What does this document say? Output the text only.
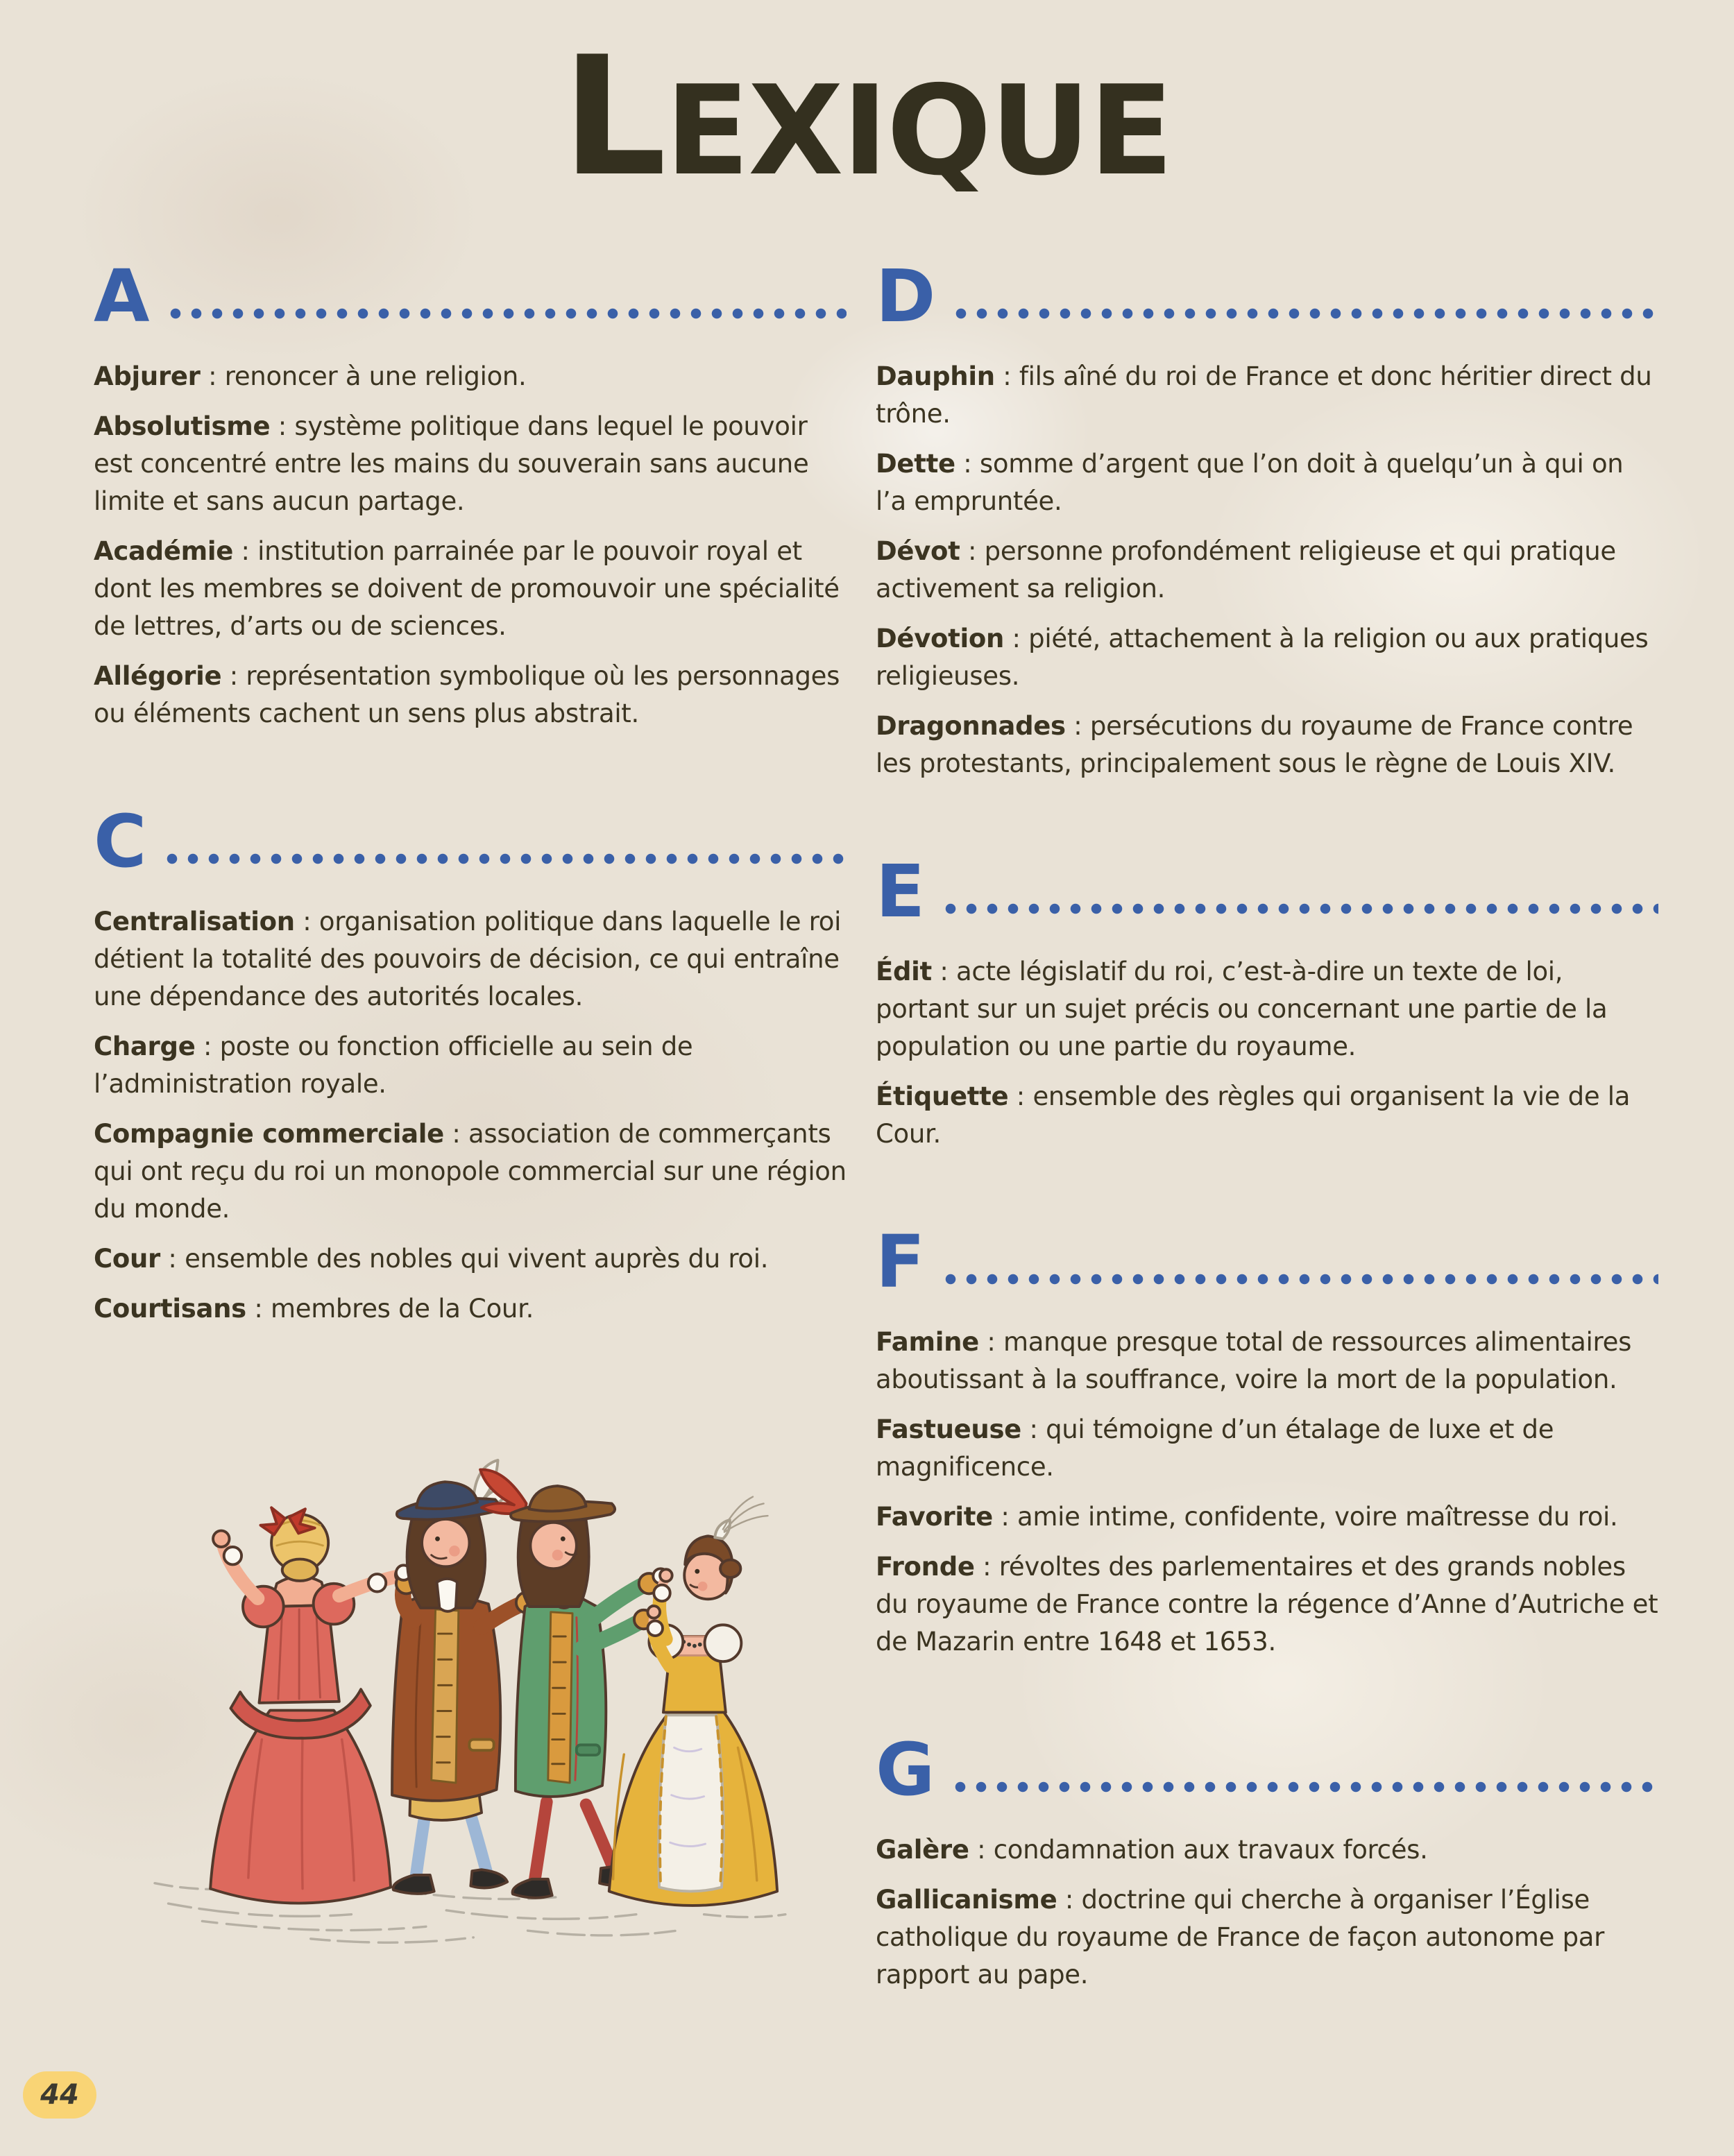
LEXIQUE
A

Abjurer : renoncer à une religion.

Absolutisme : système politique dans lequel le pouvoir est concentré entre les mains du souverain sans aucune limite et sans aucun partage.

Académie : institution parrainée par le pouvoir royal et dont les membres se doivent de promouvoir une spécialité de lettres, d’arts ou de sciences.

Allégorie : représentation symbolique où les personnages ou éléments cachent un sens plus abstrait.

C

Centralisation : organisation politique dans laquelle le roi détient la totalité des pouvoirs de décision, ce qui entraîne une dépendance des autorités locales.

Charge : poste ou fonction officielle au sein de l’administration royale.

Compagnie commerciale : association de commerçants qui ont reçu du roi un monopole commercial sur une région du monde.

Cour : ensemble des nobles qui vivent auprès du roi.

Courtisans : membres de la Cour.

D

Dauphin : fils aîné du roi de France et donc héritier direct du trône.

Dette : somme d’argent que l’on doit à quelqu’un à qui on l’a empruntée.

Dévot : personne profondément religieuse et qui pratique activement sa religion.

Dévotion : piété, attachement à la religion ou aux pratiques religieuses.

Dragonnades : persécutions du royaume de France contre les protestants, principalement sous le règne de Louis XIV.

E

Édit : acte législatif du roi, c’est-à-dire un texte de loi, portant sur un sujet précis ou concernant une partie de la population ou une partie du royaume.

Étiquette : ensemble des règles qui organisent la vie de la Cour.

F

Famine : manque presque total de ressources alimentaires aboutissant à la souffrance, voire la mort de la population.

Fastueuse : qui témoigne d’un étalage de luxe et de magnificence.

Favorite : amie intime, confidente, voire maîtresse du roi.

Fronde : révoltes des parlementaires et des grands nobles du royaume de France contre la régence d’Anne d’Autriche et de Mazarin entre 1648 et 1653.

G

Galère : condamnation aux travaux forcés.

Gallicanisme : doctrine qui cherche à organiser l’Église catholique du royaume de France de façon autonome par rapport au pape.

44
